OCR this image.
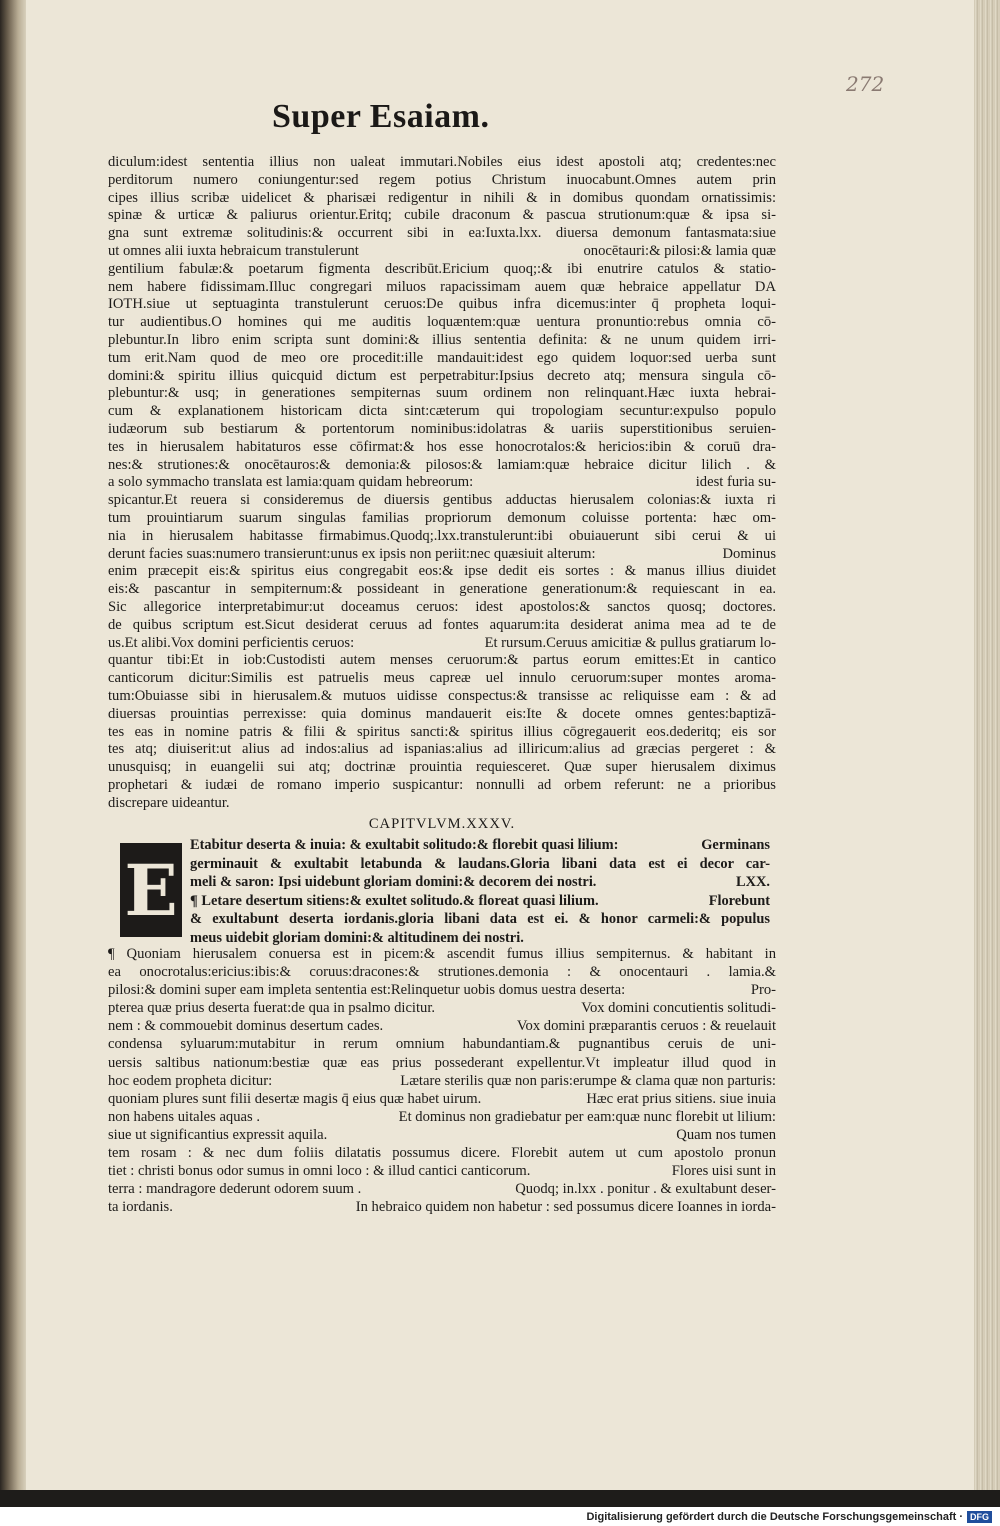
272
Super Esaiam.
diculum:idest sententia illius non ualeat immutari.Nobiles eius idest apostoli atq; credentes:nec
perditorum numero coniungentur:sed regem potius Christum inuocabunt.Omnes autem prin
cipes illius scribæ uidelicet & pharisæi redigentur in nihili & in domibus quondam ornatissimis:
spinæ & urticæ & paliurus orientur.Eritq; cubile draconum & pascua strutionum:quæ & ipsa si-
gna sunt extremæ solitudinis:& occurrent sibi in ea:Iuxta.lxx. diuersa demonum fantasmata:siue
ut omnes alii iuxta hebraicum transtulerunt	onocētauri:& pilosi:& lamia quæ
gentilium fabulæ:& poetarum figmenta describūt.Ericium quoq;:& ibi enutrire catulos & statio-
nem habere fidissimam.Illuc congregari miluos rapacissimam auem quæ hebraice appellatur DA
IOTH.siue ut septuaginta transtulerunt ceruos:De quibus infra dicemus:inter q̄ propheta loqui-
tur audientibus.O homines qui me auditis loquæntem:quæ uentura pronuntio:rebus omnia cō-
plebuntur.In libro enim scripta sunt domini:& illius sententia definita: & ne unum quidem irri-
tum erit.Nam quod de meo ore procedit:ille mandauit:idest ego quidem loquor:sed uerba sunt
domini:& spiritu illius quicquid dictum est perpetrabitur:Ipsius decreto atq; mensura singula cō-
plebuntur:& usq; in generationes sempiternas suum ordinem non relinquant.Hæc iuxta hebrai-
cum & explanationem historicam dicta sint:cæterum qui tropologiam secuntur:expulso populo
iudæorum sub bestiarum & portentorum nominibus:idolatras & uariis superstitionibus seruien-
tes in hierusalem habitaturos esse cōfirmat:& hos esse honocrotalos:& hericios:ibin & coruū dra-
nes:& strutiones:& onocētauros:& demonia:& pilosos:& lamiam:quæ hebraice dicitur lilich . &
a solo symmacho translata est lamia:quam quidam hebreorum:	idest furia su-
spicantur.Et reuera si consideremus de diuersis gentibus adductas hierusalem colonias:& iuxta ri
tum prouintiarum suarum singulas familias propriorum demonum coluisse portenta: hæc om-
nia in hierusalem habitasse firmabimus.Quodq;.lxx.transtulerunt:ibi obuiauerunt sibi cerui & ui
derunt facies suas:numero transierunt:unus ex ipsis non periit:nec quæsiuit alterum:	Dominus
enim præcepit eis:& spiritus eius congregabit eos:& ipse dedit eis sortes : & manus illius diuidet
eis:& pascantur in sempiternum:& possideant in generatione generationum:& requiescant in ea.
Sic allegorice interpretabimur:ut doceamus ceruos: idest apostolos:& sanctos quosq; doctores.
de quibus scriptum est.Sicut desiderat ceruus ad fontes aquarum:ita desiderat anima mea ad te de
us.Et alibi.Vox domini perficientis ceruos:	Et rursum.Ceruus amicitiæ & pullus gratiarum lo-
quantur tibi:Et in iob:Custodisti autem menses ceruorum:& partus eorum emittes:Et in cantico
canticorum dicitur:Similis est patruelis meus capreæ uel innulo ceruorum:super montes aroma-
tum:Obuiasse sibi in hierusalem.& mutuos uidisse conspectus:& transisse ac reliquisse eam : & ad
diuersas prouintias perrexisse: quia dominus mandauerit eis:Ite & docete omnes gentes:baptizā-
tes eas in nomine patris & filii & spiritus sancti:& spiritus illius cōgregauerit eos.dederitq; eis sor
tes atq; diuiserit:ut alius ad indos:alius ad ispanias:alius ad illiricum:alius ad græcias pergeret : &
unusquisq; in euangelii sui atq; doctrinæ prouintia requiesceret. Quæ super hierusalem diximus
prophetari & iudæi de romano imperio suspicantur: nonnulli ad orbem referunt: ne a prioribus
discrepare uideantur.
CAPITVLVM.XXXV.
E
Etabitur deserta & inuia: & exultabit solitudo:& florebit quasi lilium:	Germinans
germinauit & exultabit letabunda & laudans.Gloria libani data est ei decor car-
meli & saron: Ipsi uidebunt gloriam domini:& decorem dei nostri.	LXX.
¶ Letare desertum sitiens:& exultet solitudo.& floreat quasi lilium.	Florebunt
& exultabunt deserta iordanis.gloria libani data est ei. & honor carmeli:& populus
meus uidebit gloriam domini:& altitudinem dei nostri.
¶ Quoniam hierusalem conuersa est in picem:& ascendit fumus illius sempiternus. & habitant in
ea onocrotalus:ericius:ibis:& coruus:dracones:& strutiones.demonia : & onocentauri . lamia.&
pilosi:& domini super eam impleta sententia est:Relinquetur uobis domus uestra deserta:	Pro-
pterea quæ prius deserta fuerat:de qua in psalmo dicitur.	Vox domini concutientis solitudi-
nem : & commouebit dominus desertum cades.	Vox domini præparantis ceruos : & reuelauit
condensa syluarum:mutabitur in rerum omnium habundantiam.& pugnantibus ceruis de uni-
uersis saltibus nationum:bestiæ quæ eas prius possederant expellentur.Vt impleatur illud quod in
hoc eodem propheta dicitur:	Lætare sterilis quæ non paris:erumpe & clama quæ non parturis:
quoniam plures sunt filii desertæ magis q̄ eius quæ habet uirum.	Hæc erat prius sitiens. siue inuia
non habens uitales aquas .	Et dominus non gradiebatur per eam:quæ nunc florebit ut lilium:
siue ut significantius expressit aquila.	Quam nos tumen
tem rosam : & nec dum foliis dilatatis possumus dicere. Florebit autem ut cum apostolo pronun
tiet : christi bonus odor sumus in omni loco : & illud cantici canticorum.	Flores uisi sunt in
terra : mandragore dederunt odorem suum .	Quodq; in.lxx . ponitur . & exultabunt deser-
ta iordanis.	In hebraico quidem non habetur : sed possumus dicere Ioannes in iorda-
Digitalisierung gefördert durch die Deutsche Forschungsgemeinschaft · DFG
